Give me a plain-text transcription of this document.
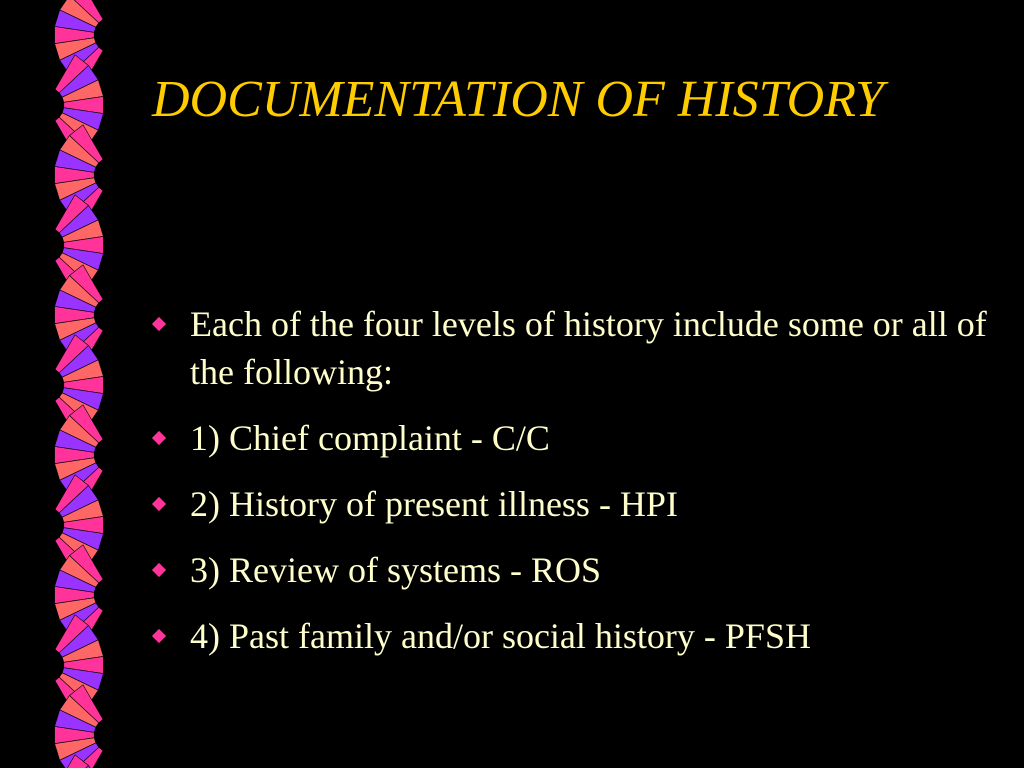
DOCUMENTATION OF HISTORY
Each of the four levels of history include some or all of the following:
1) Chief complaint - C/C
2) History of present illness - HPI
3) Review of systems - ROS
4) Past family and/or social history - PFSH
